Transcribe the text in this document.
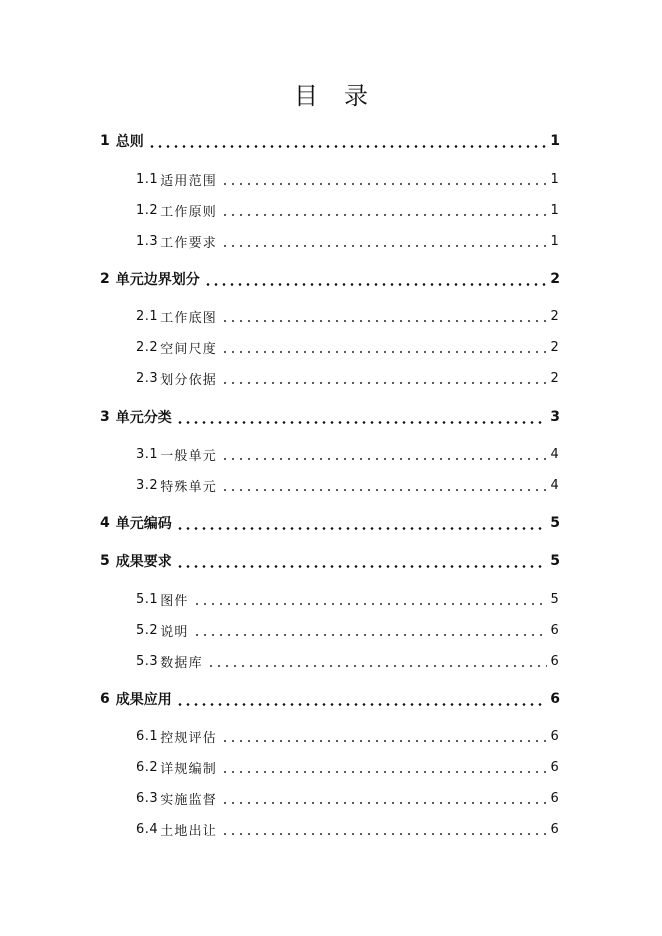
目 录
1 总则	1
1.1 适用范围	1
1.2 工作原则	1
1.3 工作要求	1
2 单元边界划分	2
2.1 工作底图	2
2.2 空间尺度	2
2.3 划分依据	2
3 单元分类	3
3.1 一般单元	4
3.2 特殊单元	4
4 单元编码	5
5 成果要求	5
5.1 图件	5
5.2 说明	6
5.3 数据库	6
6 成果应用	6
6.1 控规评估	6
6.2 详规编制	6
6.3 实施监督	6
6.4 土地出让	6
